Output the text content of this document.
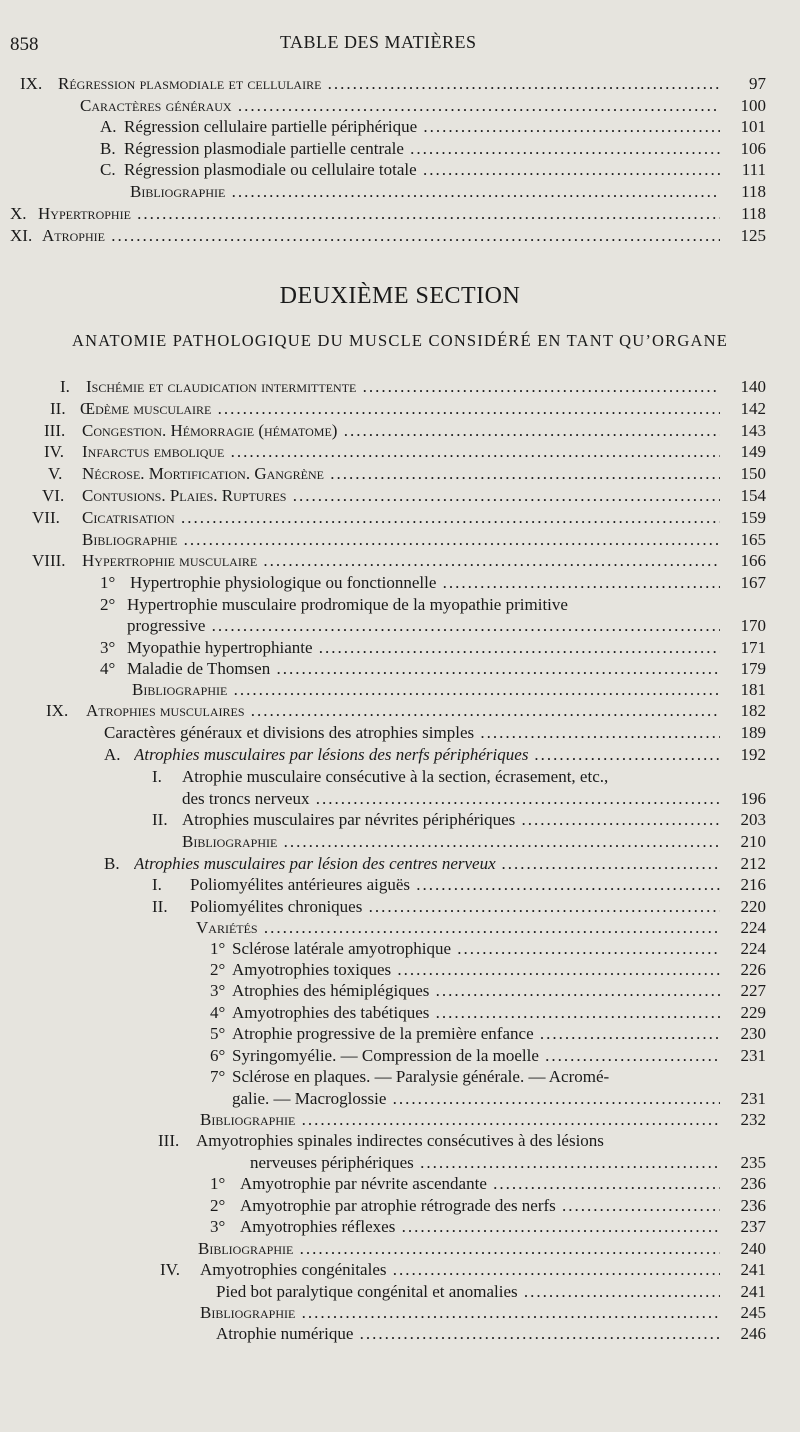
858	TABLE DES MATIÈRES
DEUXIÈME SECTION
ANATOMIE PATHOLOGIQUE DU MUSCLE CONSIDÉRÉ EN TANT QU’ORGANE
IX. Régression plasmodiale et cellulaire .....	97
Caractères généraux .....	100
A. Régression cellulaire partielle périphérique .....	101
B. Régression plasmodiale partielle centrale .....	106
C. Régression plasmodiale ou cellulaire totale .....	111
Bibliographie .....	118
X. Hypertrophie .....	118
XI. Atrophie .....	125
I. Ischémie et claudication intermittente .....	140
II. Œdème musculaire .....	142
III. Congestion. Hémorragie (hématome) .....	143
IV. Infarctus embolique .....	149
V. Nécrose. Mortification. Gangrène .....	150
VI. Contusions. Plaies. Ruptures .....	154
VII. Cicatrisation .....	159
Bibliographie .....	165
VIII. Hypertrophie musculaire .....	166
1° Hypertrophie physiologique ou fonctionnelle .....	167
2° Hypertrophie musculaire prodromique de la myopathie primitive
progressive .....	170
3° Myopathie hypertrophiante .....	171
4° Maladie de Thomsen .....	179
Bibliographie .....	181
IX. Atrophies musculaires .....	182
Caractères généraux et divisions des atrophies simples .....	189
A. Atrophies musculaires par lésions des nerfs périphériques .....	192
I. Atrophie musculaire consécutive à la section, écrasement, etc.,
des troncs nerveux .....	196
II. Atrophies musculaires par névrites périphériques .....	203
Bibliographie .....	210
B. Atrophies musculaires par lésion des centres nerveux .....	212
I. Poliomyélites antérieures aiguës .....	216
II. Poliomyélites chroniques .....	220
Variétés .....	224
1° Sclérose latérale amyotrophique .....	224
2° Amyotrophies toxiques .....	226
3° Atrophies des hémiplégiques .....	227
4° Amyotrophies des tabétiques .....	229
5° Atrophie progressive de la première enfance .....	230
6° Syringomyélie. — Compression de la moelle .....	231
7° Sclérose en plaques. — Paralysie générale. — Acromé-
galie. — Macroglossie .....	231
Bibliographie .....	232
III. Amyotrophies spinales indirectes consécutives à des lésions
nerveuses périphériques .....	235
1° Amyotrophie par névrite ascendante .....	236
2° Amyotrophie par atrophie rétrograde des nerfs .....	236
3° Amyotrophies réflexes .....	237
Bibliographie .....	240
IV. Amyotrophies congénitales .....	241
Pied bot paralytique congénital et anomalies .....	241
Bibliographie .....	245
Atrophie numérique .....	246
